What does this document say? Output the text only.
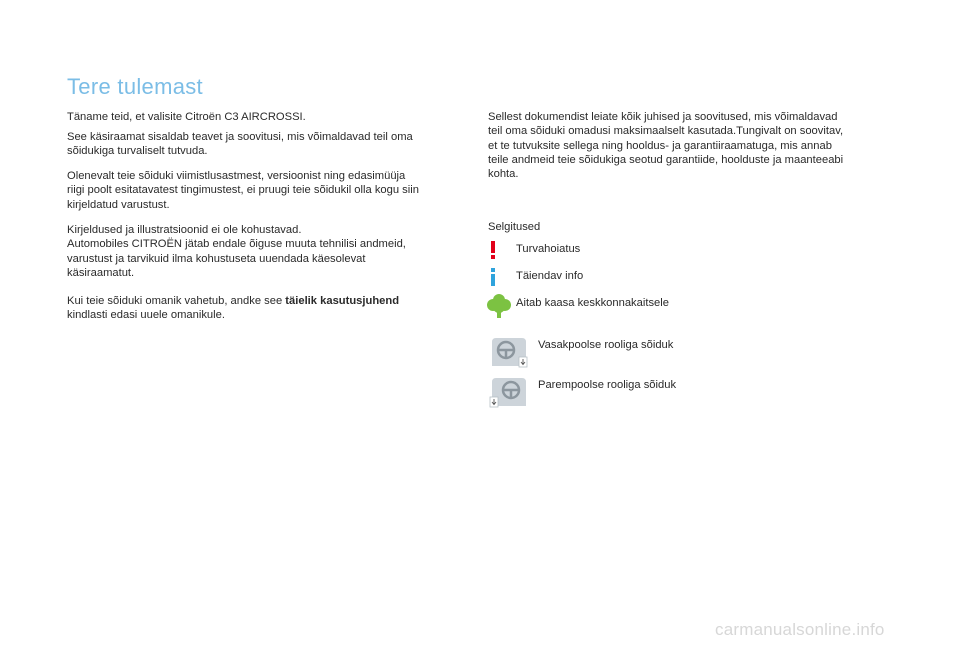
Tere tulemast

Täname teid, et valisite Citroën C3 AIRCROSSI.

See käsiraamat sisaldab teavet ja soovitusi, mis võimaldavad teil oma
sõidukiga turvaliselt tutvuda.

Olenevalt teie sõiduki viimistlusastmest, versioonist ning edasimüüja
riigi poolt esitatavatest tingimustest, ei pruugi teie sõidukil olla kogu siin
kirjeldatud varustust.

Kirjeldused ja illustratsioonid ei ole kohustavad.
Automobiles CITROËN jätab endale õiguse muuta tehnilisi andmeid,
varustust ja tarvikuid ilma kohustuseta uuendada käesolevat
käsiraamatut.

Kui teie sõiduki omanik vahetub, andke see täielik kasutusjuhend
kindlasti edasi uuele omanikule.

Sellest dokumendist leiate kõik juhised ja soovitused, mis võimaldavad
teil oma sõiduki omadusi maksimaalselt kasutada.Tungivalt on soovitav,
et te tutvuksite sellega ning hooldus- ja garantiiraamatuga, mis annab
teile andmeid teie sõidukiga seotud garantiide, hoolduste ja maanteeabi
kohta.

Selgitused
Turvahoiatus
Täiendav info
Aitab kaasa keskkonnakaitsele
Vasakpoolse rooliga sõiduk
Parempoolse rooliga sõiduk
carmanualsonline.info
